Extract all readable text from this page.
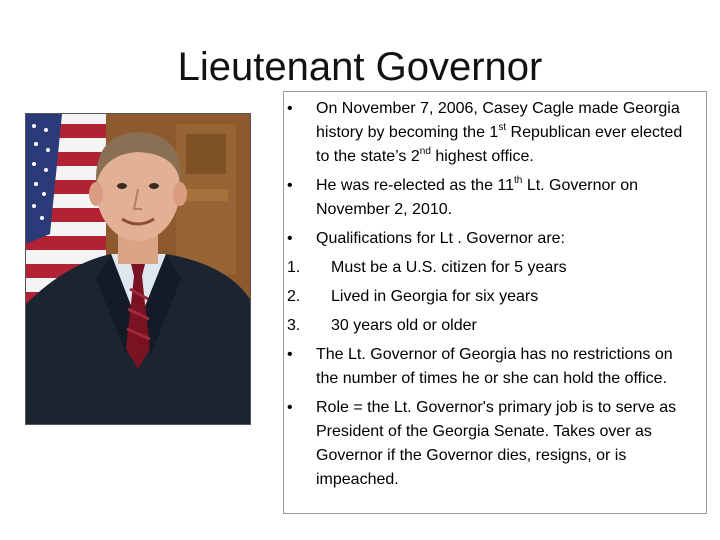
Lieutenant Governor
•	On November 7, 2006, Casey Cagle made Georgia history by becoming the 1st Republican ever elected to the state’s 2nd highest office.
•	He was re-elected as the 11th Lt. Governor on November 2, 2010.
•	Qualifications for Lt . Governor are:
1.	Must be a U.S. citizen for 5 years
2.	Lived in Georgia for six years
3.	30 years old or older
•	The Lt. Governor of Georgia has no restrictions on the number of times he or she can hold the office.
•	Role = the Lt. Governor's primary job is to serve as President of the Georgia Senate. Takes over as Governor if the Governor dies, resigns, or is impeached.
